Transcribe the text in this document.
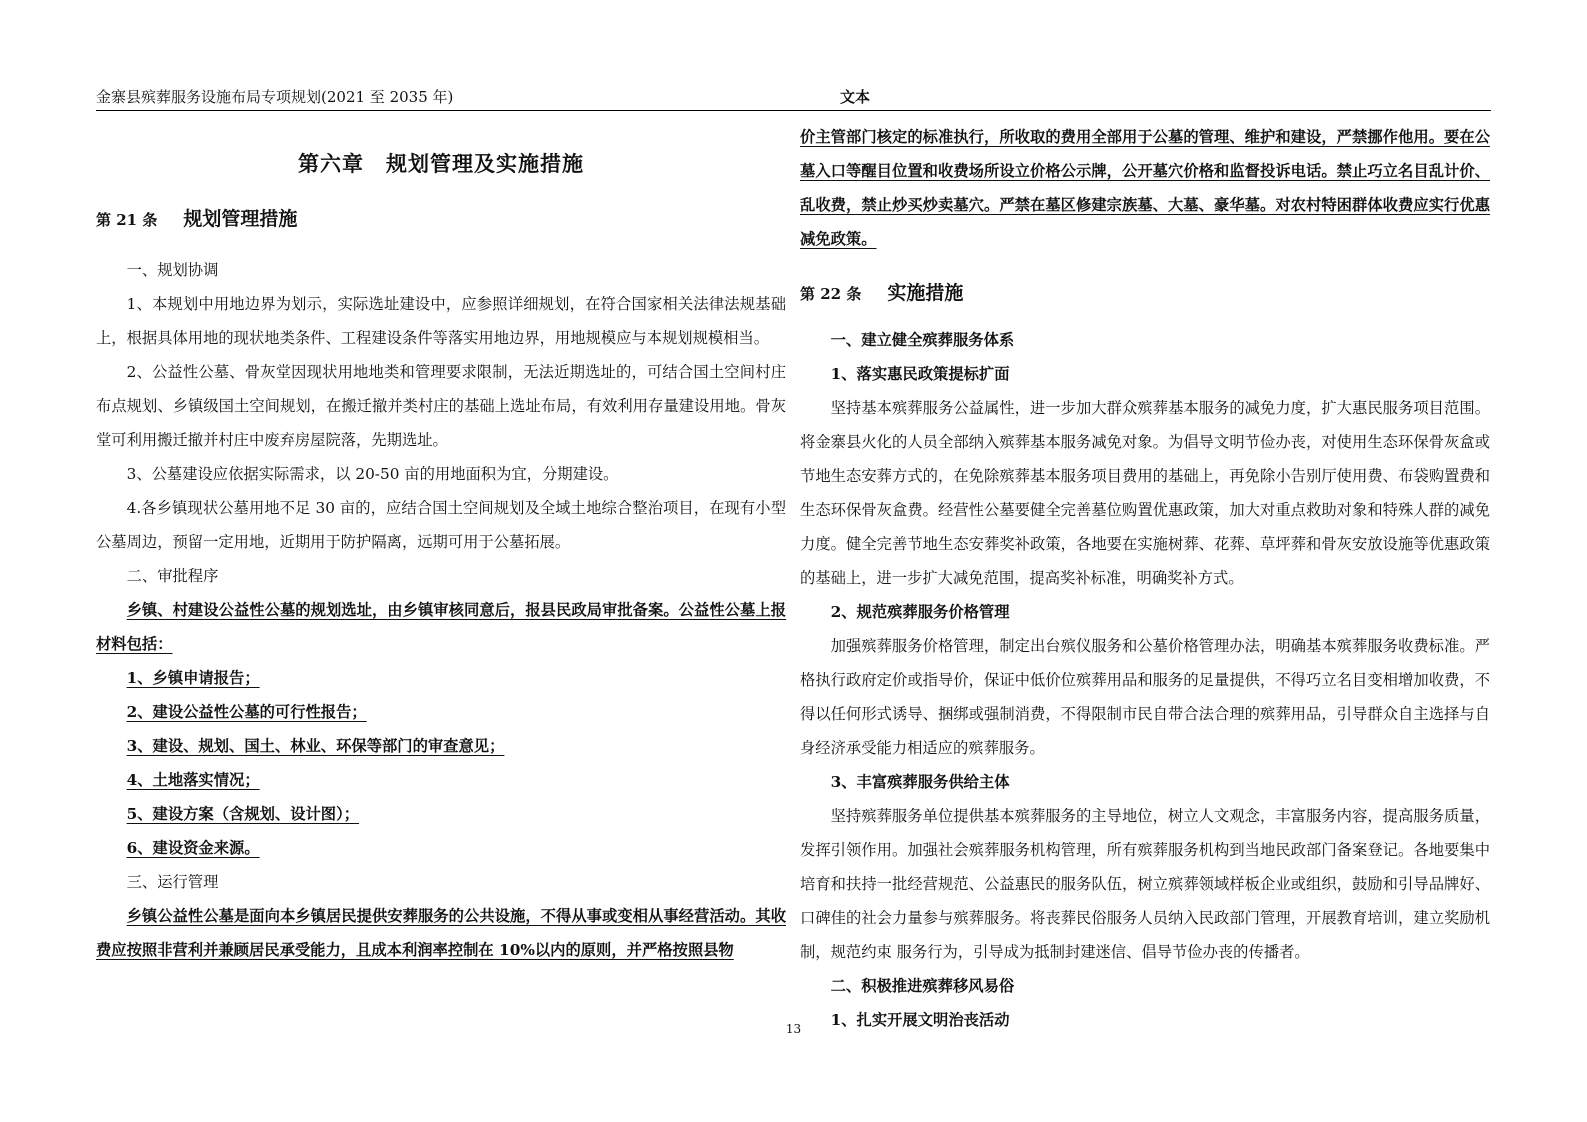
金寨县殡葬服务设施布局专项规划(2021 至 2035 年)	文本
第六章　规划管理及实施措施
第 21 条 规划管理措施

一、规划协调

1、本规划中用地边界为划示，实际选址建设中，应参照详细规划，在符合国家相关法律法规基础上，根据具体用地的现状地类条件、工程建设条件等落实用地边界，用地规模应与本规划规模相当。

2、公益性公墓、骨灰堂因现状用地地类和管理要求限制，无法近期选址的，可结合国土空间村庄布点规划、乡镇级国土空间规划，在搬迁撤并类村庄的基础上选址布局，有效利用存量建设用地。骨灰堂可利用搬迁撤并村庄中废弃房屋院落，先期选址。

3、公墓建设应依据实际需求，以 20-50 亩的用地面积为宜，分期建设。

4.各乡镇现状公墓用地不足 30 亩的，应结合国土空间规划及全域土地综合整治项目，在现有小型公墓周边，预留一定用地，近期用于防护隔离，远期可用于公墓拓展。

二、审批程序

乡镇、村建设公益性公墓的规划选址，由乡镇审核同意后，报县民政局审批备案。公益性公墓上报材料包括：

1、乡镇申请报告；

2、建设公益性公墓的可行性报告；

3、建设、规划、国土、林业、环保等部门的审查意见；

4、土地落实情况；

5、建设方案（含规划、设计图）；

6、建设资金来源。

三、运行管理

乡镇公益性公墓是面向本乡镇居民提供安葬服务的公共设施，不得从事或变相从事经营活动。其收费应按照非营利并兼顾居民承受能力，且成本利润率控制在 10%以内的原则，并严格按照县物

价主管部门核定的标准执行，所收取的费用全部用于公墓的管理、维护和建设，严禁挪作他用。要在公墓入口等醒目位置和收费场所设立价格公示牌，公开墓穴价格和监督投诉电话。禁止巧立名目乱计价、乱收费，禁止炒买炒卖墓穴。严禁在墓区修建宗族墓、大墓、豪华墓。对农村特困群体收费应实行优惠减免政策。

第 22 条 实施措施

一、建立健全殡葬服务体系

1、落实惠民政策提标扩面

坚持基本殡葬服务公益属性，进一步加大群众殡葬基本服务的减免力度，扩大惠民服务项目范围。将金寨县火化的人员全部纳入殡葬基本服务减免对象。为倡导文明节俭办丧，对使用生态环保骨灰盒或节地生态安葬方式的，在免除殡葬基本服务项目费用的基础上，再免除小告别厅使用费、布袋购置费和生态环保骨灰盒费。经营性公墓要健全完善墓位购置优惠政策，加大对重点救助对象和特殊人群的减免力度。健全完善节地生态安葬奖补政策，各地要在实施树葬、花葬、草坪葬和骨灰安放设施等优惠政策的基础上，进一步扩大减免范围，提高奖补标准，明确奖补方式。

2、规范殡葬服务价格管理

加强殡葬服务价格管理，制定出台殡仪服务和公墓价格管理办法，明确基本殡葬服务收费标准。严格执行政府定价或指导价，保证中低价位殡葬用品和服务的足量提供，不得巧立名目变相增加收费，不得以任何形式诱导、捆绑或强制消费，不得限制市民自带合法合理的殡葬用品，引导群众自主选择与自身经济承受能力相适应的殡葬服务。

3、丰富殡葬服务供给主体

坚持殡葬服务单位提供基本殡葬服务的主导地位，树立人文观念，丰富服务内容，提高服务质量，发挥引领作用。加强社会殡葬服务机构管理，所有殡葬服务机构到当地民政部门备案登记。各地要集中培育和扶持一批经营规范、公益惠民的服务队伍，树立殡葬领域样板企业或组织，鼓励和引导品牌好、口碑佳的社会力量参与殡葬服务。将丧葬民俗服务人员纳入民政部门管理，开展教育培训，建立奖励机制，规范约束 服务行为，引导成为抵制封建迷信、倡导节俭办丧的传播者。

二、积极推进殡葬移风易俗

1、扎实开展文明治丧活动

13
